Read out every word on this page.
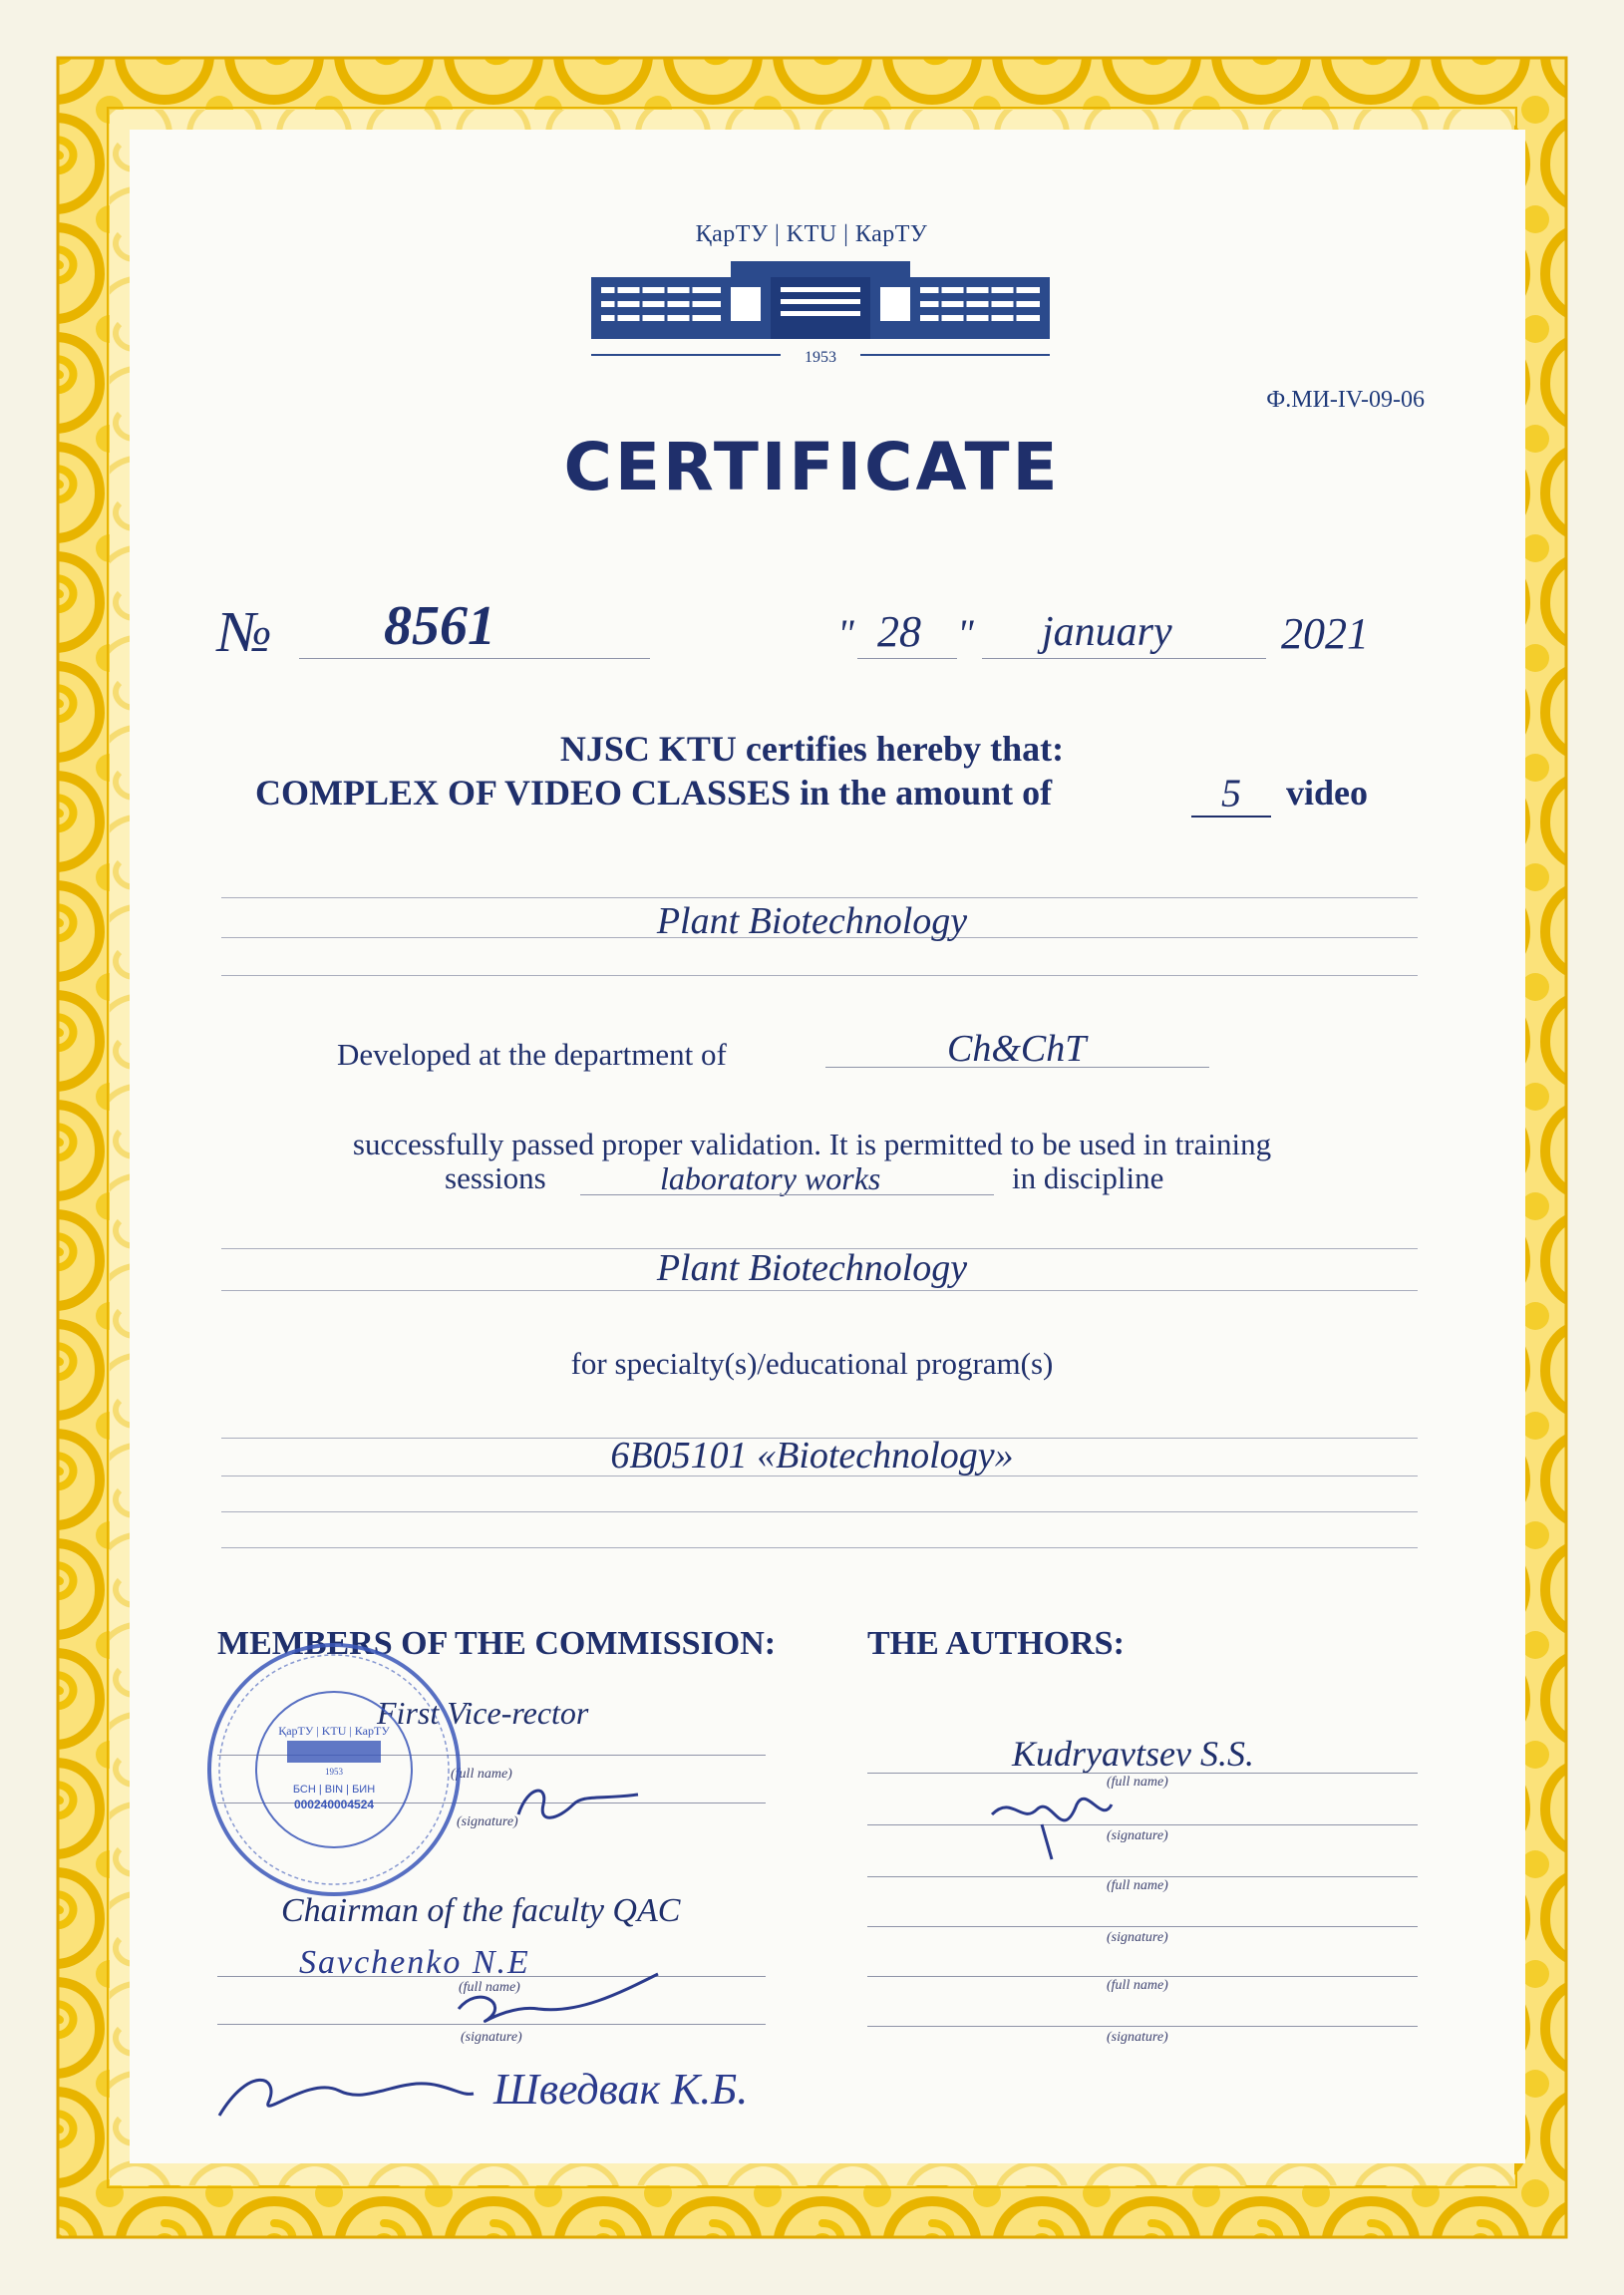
ҚарТУ | KTU | КарТУ
1953
Ф.МИ-IV-09-06
CERTIFICATE
№ 8561	" 28 " january 2021
NJSC KTU certifies hereby that:
COMPLEX OF VIDEO CLASSES in the amount of	5 video
Plant Biotechnology
Developed at the department of	Ch&ChT
successfully passed proper validation. It is permitted to be used in training
sessions	laboratory works	in discipline
Plant Biotechnology
for specialty(s)/educational program(s)
6B05101 «Biotechnology»
MEMBERS OF THE COMMISSION:
First Vice-rector
(full name)
(signature)
Chairman of the faculty QAC
Savchenko N.E
(full name)
(signature)
THE AUTHORS:
Kudryavtsev S.S.
(full name)
(signature)
(full name)
(signature)
(full name)
(signature)
Шведвак К.Б.
ҚарТУ | KTU | КарТУ
1953
БСН | BIN | БИН
000240004524
